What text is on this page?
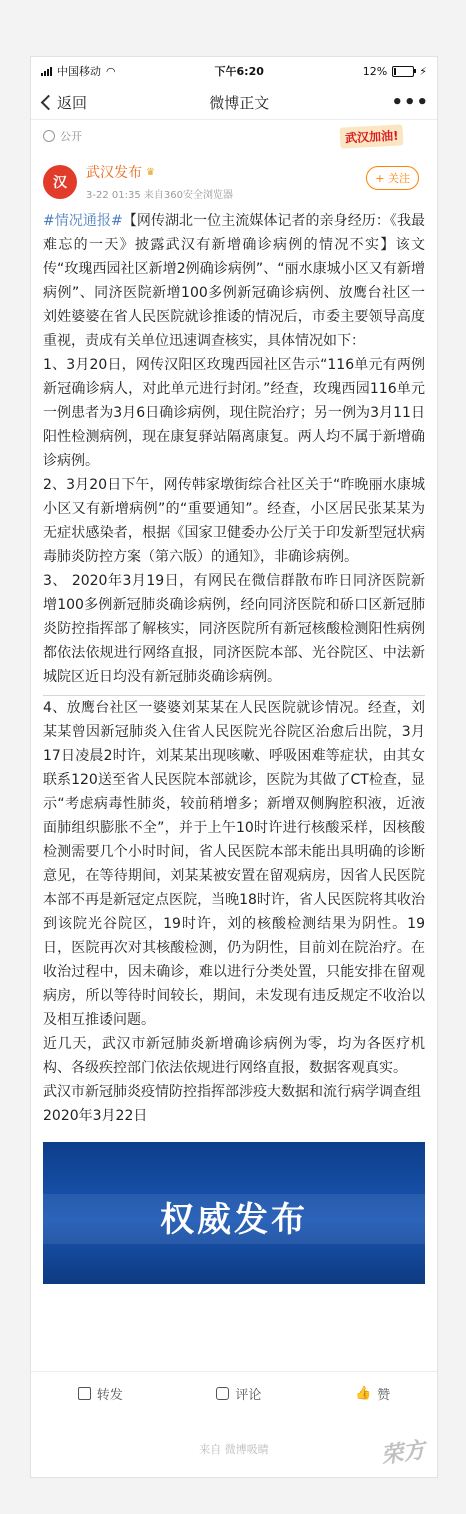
中国移动 ◠	下午6:20	12%	⚡
返回	微博正文	•••
公开	武汉加油!
汉
武汉发布 ♛
3-22 01:35 来自360安全浏览器
+ 关注

#情况通报#【网传湖北一位主流媒体记者的亲身经历：《我最难忘的一天》披露武汉有新增确诊病例的情况不实】该文传“玫瑰西园社区新增2例确诊病例”、“丽水康城小区又有新增病例”、同济医院新增100多例新冠确诊病例、放鹰台社区一刘姓婆婆在省人民医院就诊推诿的情况后，市委主要领导高度重视，责成有关单位迅速调查核实，具体情况如下：

1、3月20日，网传汉阳区玫瑰西园社区告示“116单元有两例新冠确诊病人，对此单元进行封闭。”经查，玫瑰西园116单元一例患者为3月6日确诊病例，现住院治疗；另一例为3月11日阳性检测病例，现在康复驿站隔离康复。两人均不属于新增确诊病例。

2、3月20日下午，网传韩家墩街综合社区关于“昨晚丽水康城小区又有新增病例”的“重要通知”。经查，小区居民张某某为无症状感染者，根据《国家卫健委办公厅关于印发新型冠状病毒肺炎防控方案（第六版）的通知》，非确诊病例。

3、 2020年3月19日，有网民在微信群散布昨日同济医院新增100多例新冠肺炎确诊病例，经向同济医院和硚口区新冠肺炎防控指挥部了解核实，同济医院所有新冠核酸检测阳性病例都依法依规进行网络直报，同济医院本部、光谷院区、中法新城院区近日均没有新冠肺炎确诊病例。

4、放鹰台社区一婆婆刘某某在人民医院就诊情况。经查，刘某某曾因新冠肺炎入住省人民医院光谷院区治愈后出院，3月17日凌晨2时许，刘某某出现咳嗽、呼吸困难等症状，由其女联系120送至省人民医院本部就诊，医院为其做了CT检查，显示“考虑病毒性肺炎，较前稍增多；新增双侧胸腔积液，近液面肺组织膨胀不全”，并于上午10时许进行核酸采样，因核酸检测需要几个小时时间，省人民医院本部未能出具明确的诊断意见，在等待期间，刘某某被安置在留观病房，因省人民医院本部不再是新冠定点医院，当晚18时许，省人民医院将其收治到该院光谷院区，19时许，刘的核酸检测结果为阴性。19日，医院再次对其核酸检测，仍为阴性，目前刘在院治疗。在收治过程中，因未确诊，难以进行分类处置，只能安排在留观病房，所以等待时间较长，期间，未发现有违反规定不收治以及相互推诿问题。

近几天，武汉市新冠肺炎新增确诊病例为零，均为各医疗机构、各级疾控部门依法依规进行网络直报，数据客观真实。

武汉市新冠肺炎疫情防控指挥部涉疫大数据和流行病学调查组

2020年3月22日

权威发布
转发	评论	👍 赞
来自 微博吸睛	荣方
